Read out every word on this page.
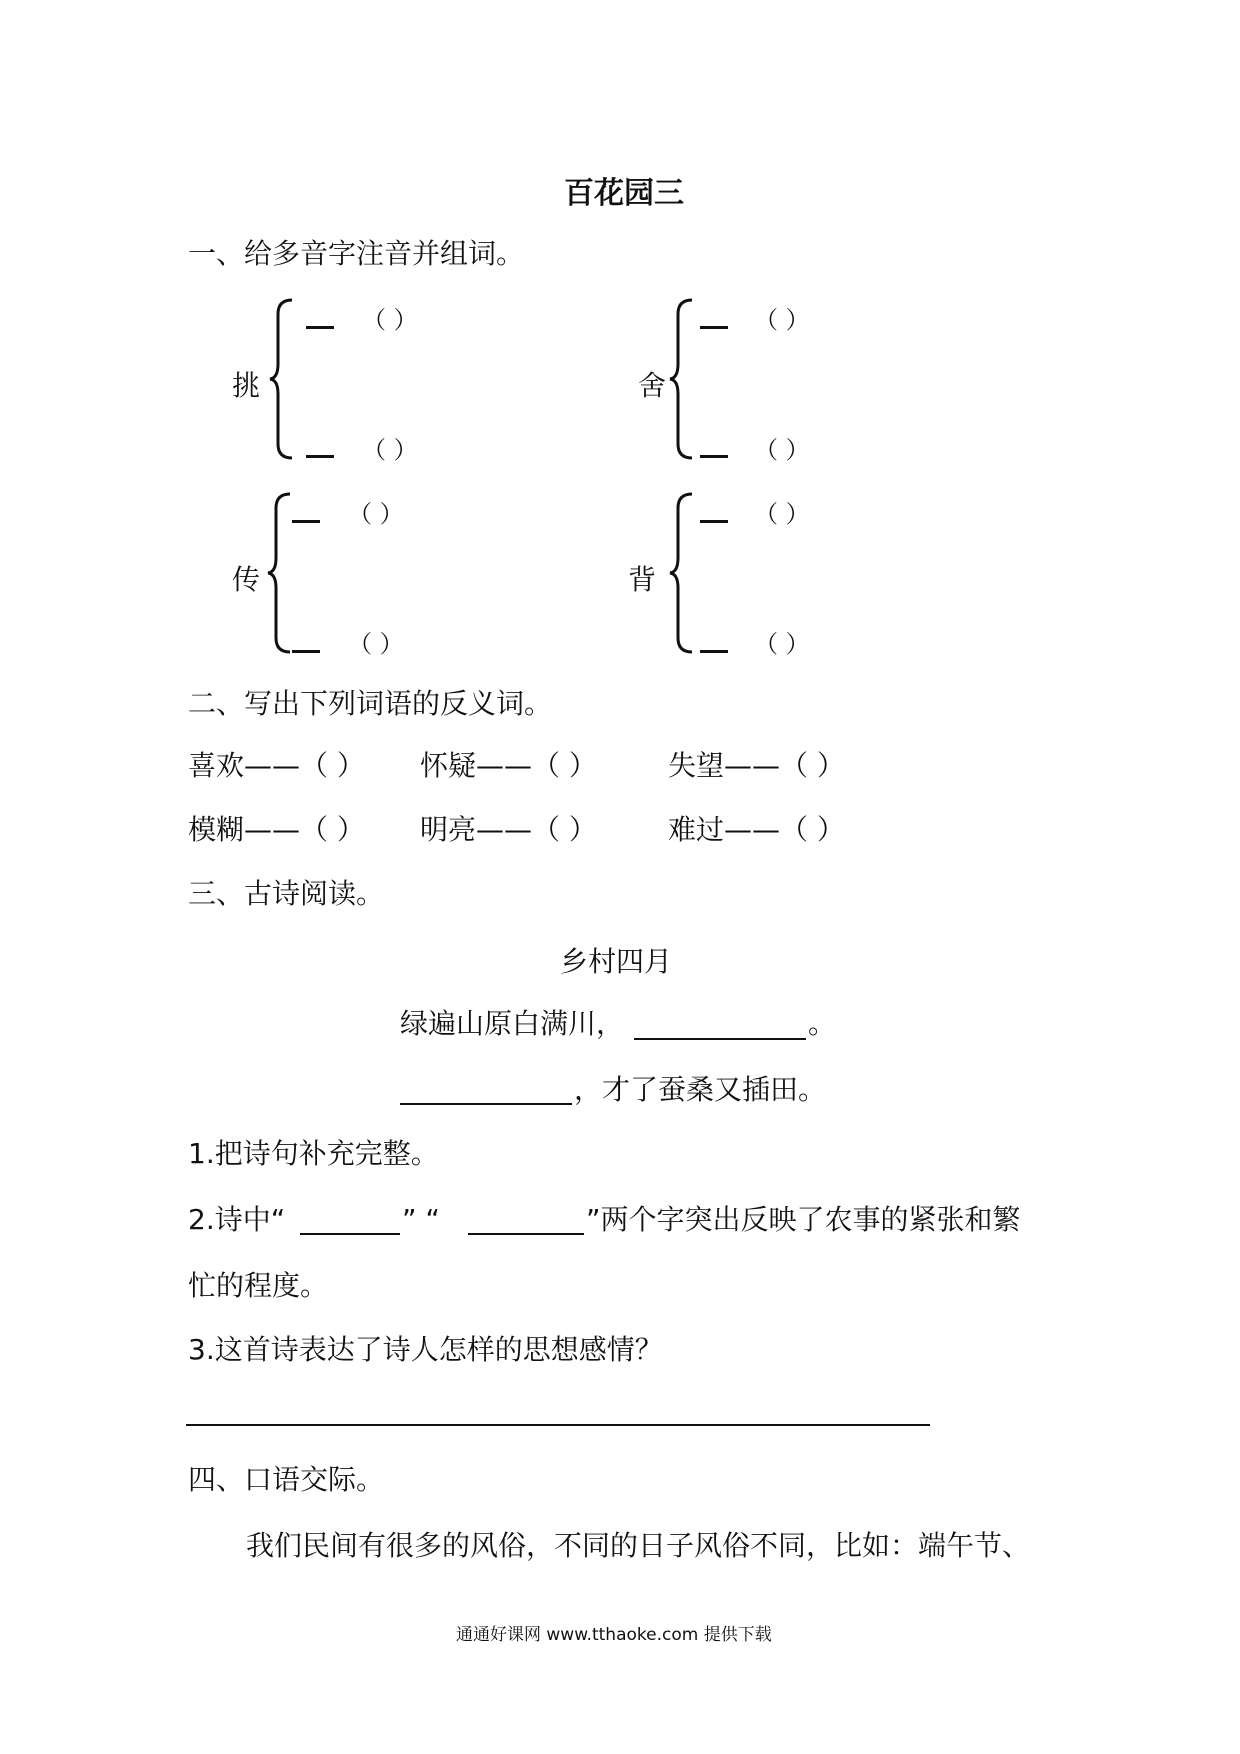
百花园三
一、给多音字注音并组词。
挑
（ ）
（ ）
舍
（ ）
（ ）
传
（ ）
（ ）
背
（ ）
（ ）
二、写出下列词语的反义词。
喜欢——（ ） 怀疑——（ ）	失望——（ ）
模糊——（ ） 明亮——（ ）	难过——（ ）
三、古诗阅读。
乡村四月
绿遍山原白满川，	。
，才了蚕桑又插田。
1.把诗句补充完整。
2.诗中“	” “	”两个字突出反映了农事的紧张和繁
忙的程度。
3.这首诗表达了诗人怎样的思想感情？
四、口语交际。
我们民间有很多的风俗，不同的日子风俗不同，比如：端午节、
通通好课网 www.tthaoke.com 提供下载
